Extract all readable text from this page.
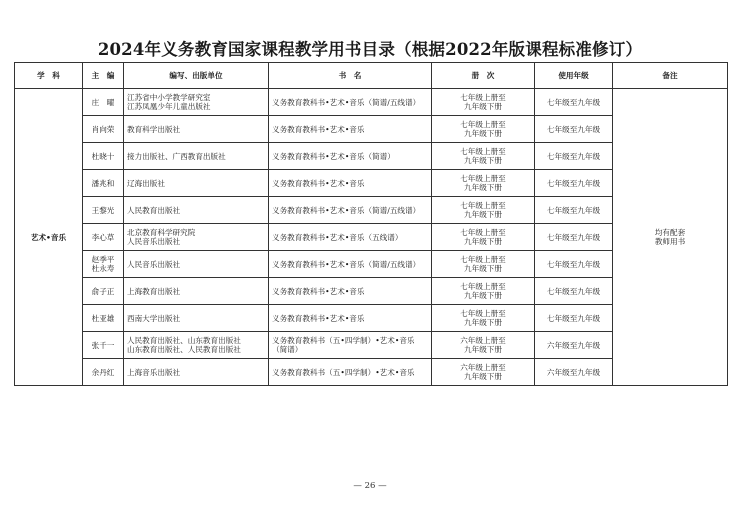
2024年义务教育国家课程教学用书目录（根据2022年版课程标准修订）
学　科	主　编	编写、出版单位	书　名	册　次	使用年级	备注
艺术•音乐	庄　曜	江苏省中小学教学研究室
江苏凤凰少年儿童出版社	义务教育教科书•艺术•音乐（简谱/五线谱）	七年级上册至
九年级下册	七年级至九年级	均有配套
教师用书
	肖向荣	教育科学出版社	义务教育教科书•艺术•音乐	七年级上册至
九年级下册	七年级至九年级	
	杜晓十	接力出版社、广西教育出版社	义务教育教科书•艺术•音乐（简谱）	七年级上册至
九年级下册	七年级至九年级	
	潘兆和	辽海出版社	义务教育教科书•艺术•音乐	七年级上册至
九年级下册	七年级至九年级	
	王黎光	人民教育出版社	义务教育教科书•艺术•音乐（简谱/五线谱）	七年级上册至
九年级下册	七年级至九年级	
	李心草	北京教育科学研究院
人民音乐出版社	义务教育教科书•艺术•音乐（五线谱）	七年级上册至
九年级下册	七年级至九年级	
	赵季平
杜永寿	人民音乐出版社	义务教育教科书•艺术•音乐（简谱/五线谱）	七年级上册至
九年级下册	七年级至九年级	
	俞子正	上海教育出版社	义务教育教科书•艺术•音乐	七年级上册至
九年级下册	七年级至九年级	
	杜亚雄	西南大学出版社	义务教育教科书•艺术•音乐	七年级上册至
九年级下册	七年级至九年级	
	张千一	人民教育出版社、山东教育出版社
山东教育出版社、人民教育出版社	义务教育教科书（五•四学制）•艺术•音乐（简谱）	六年级上册至
九年级下册	六年级至九年级	
	余丹红	上海音乐出版社	义务教育教科书（五•四学制）•艺术•音乐	六年级上册至
九年级下册	六年级至九年级	
— 26 —
